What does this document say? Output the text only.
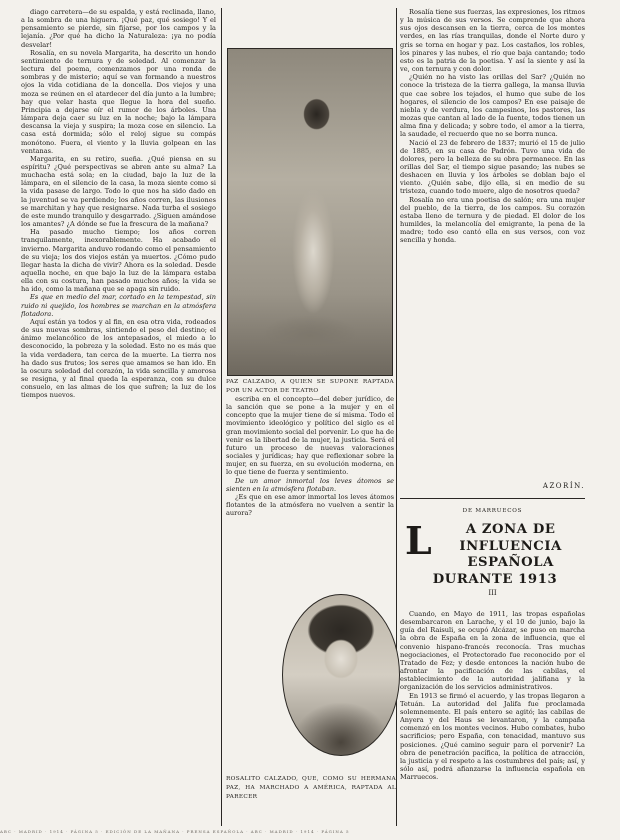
diago carretera—de su espalda, y está reclinada, llano, a la sombra de una higuera. ¡Qué paz, qué sosiego! Y el pensamiento se pierde, sin fijarse, por los campos y la lejanía. ¿Por qué ha dicho la Naturaleza: ¡ya no podía desvelar!

Rosalía, en su novela Margarita, ha descrito un hondo sentimiento de ternura y de soledad. Al comenzar la lectura del poema, comenzamos por una ronda de sombras y de misterio; aquí se van formando a nuestros ojos la vida cotidiana de la doncella. Dos viejos y una moza se reúnen en el atardecer del día junto a la lumbre; hay que velar hasta que llegue la hora del sueño. Principia a dejarse oír el rumor de los árboles. Una lámpara deja caer su luz en la noche; bajo la lámpara descansa la vieja y suspira; la moza cose en silencio. La casa está dormida; sólo el reloj sigue su compás monótono. Fuera, el viento y la lluvia golpean en las ventanas.

Margarita, en su retiro, sueña. ¿Qué piensa en su espíritu? ¿Qué perspectivas se abren ante su alma? La muchacha está sola; en la ciudad, bajo la luz de la lámpara, en el silencio de la casa, la moza siente como si la vida pasase de largo. Todo lo que nos ha sido dado en la juventud se va perdiendo; los años corren, las ilusiones se marchitan y hay que resignarse. Nada turba el sosiego de este mundo tranquilo y desgarrado. ¿Siguen amándose los amantes? ¿A dónde se fue la frescura de la mañana?

Ha pasado mucho tiempo; los años corren tranquilamente, inexorablemente. Ha acabado el invierno. Margarita anduvo rodando como el pensamiento de su vieja; los dos viejos están ya muertos. ¿Cómo pudo llegar hasta la dicha de vivir? Ahora es la soledad. Desde aquella noche, en que bajo la luz de la lámpara estaba ella con su costura, han pasado muchos años; la vida se ha ido, como la mañana que se apaga sin ruido.

Es que en medio del mar, cortado en la tempestad, sin ruido ni quejido, los hombres se marchan en la atmósfera flotadora.

Aquí están ya todos y al fin, en esa otra vida, rodeados de sus nuevas sombras, sintiendo el peso del destino; el ánimo melancólico de los antepasados, el miedo a lo desconocido, la pobreza y la soledad. Esto no es más que la vida verdadera, tan cerca de la muerte. La tierra nos ha dado sus frutos; los seres que amamos se han ido. En la oscura soledad del corazón, la vida sencilla y amorosa se resigna, y al final queda la esperanza, con su dulce consuelo, en las almas de los que sufren; la luz de los tiempos nuevos.

PAZ CALZADO, A QUIEN SE SUPONE RAPTADA POR UN ACTOR DE TEATRO

escriba en el concepto—del deber jurídico, de la sanción que se pone a la mujer y en el concepto que la mujer tiene de sí misma. Todo el movimiento ideológico y político del siglo es el gran movimiento social del porvenir. Lo que ha de venir es la libertad de la mujer, la justicia. Será el futuro un proceso de nuevas valoraciones sociales y jurídicas; hay que reflexionar sobre la mujer, en su fuerza, en su evolución moderna, en lo que tiene de fuerza y sentimiento.

De un amor inmortal los leves átomos se sienten en la atmósfera flotaban.

¿Es que en ese amor inmortal los leves átomos flotantes de la atmósfera no vuelven a sentir la aurora?

ROSALITO CALZADO, QUE, COMO SU HERMANA PAZ, HA MARCHADO A AMÉRICA, RAPTADA AL PARECER

Rosalía tiene sus fuerzas, las expresiones, los ritmos y la música de sus versos. Se comprende que ahora sus ojos descansen en la tierra, cerca de los montes verdes, en las rías tranquilas, donde el Norte duro y gris se torna en hogar y paz. Los castaños, los robles, los pinares y las nubes, el río que baja cantando; todo esto es la patria de la poetisa. Y así la siente y así la ve, con ternura y con dolor.

¿Quién no ha visto las orillas del Sar? ¿Quién no conoce la tristeza de la tierra gallega, la mansa lluvia que cae sobre los tejados, el humo que sube de los hogares, el silencio de los campos? En ese paisaje de niebla y de verdura, los campesinos, los pastores, las mozas que cantan al lado de la fuente, todos tienen un alma fina y delicada; y sobre todo, el amor a la tierra, la saudade, el recuerdo que no se borra nunca.

Nació el 23 de febrero de 1837; murió el 15 de julio de 1885, en su casa de Padrón. Tuvo una vida de dolores, pero la belleza de su obra permanece. En las orillas del Sar, el tiempo sigue pasando; las nubes se deshacen en lluvia y los árboles se doblan bajo el viento. ¿Quién sabe, dijo ella, si en medio de su tristeza, cuando todo muere, algo de nosotros queda?

Rosalía no era una poetisa de salón; era una mujer del pueblo, de la tierra, de los campos. Su corazón estaba lleno de ternura y de piedad. El dolor de los humildes, la melancolía del emigrante, la pena de la madre; todo eso cantó ella en sus versos, con voz sencilla y honda.

AZORÍN.
DE MARRUECOS
L	A ZONA DE INFLUENCIA ESPAÑOLA DURANTE 1913
III

Cuando, en Mayo de 1911, las tropas españolas desembarcaron en Larache, y el 10 de junio, bajo la guía del Raisuli, se ocupó Alcázar, se puso en marcha la obra de España en la zona de influencia, que el convenio hispano-francés reconocía. Tras muchas negociaciones, el Protectorado fue reconocido por el Tratado de Fez; y desde entonces la nación hubo de afrontar la pacificación de las cabilas, el establecimiento de la autoridad jalifiana y la organización de los servicios administrativos.

En 1913 se firmó el acuerdo, y las tropas llegaron a Tetuán. La autoridad del Jalifa fue proclamada solemnemente. El país entero se agitó; las cabilas de Anyera y del Haus se levantaron, y la campaña comenzó en los montes vecinos. Hubo combates, hubo sacrificios; pero España, con tenacidad, mantuvo sus posiciones. ¿Qué camino seguir para el porvenir? La obra de penetración pacífica, la política de atracción, la justicia y el respeto a las costumbres del país; así, y sólo así, podrá afianzarse la influencia española en Marruecos.

ABC · MADRID · 1914 · PÁGINA 5 · EDICIÓN DE LA MAÑANA · PRENSA ESPAÑOLA · ABC · MADRID · 1914 · PÁGINA 5
